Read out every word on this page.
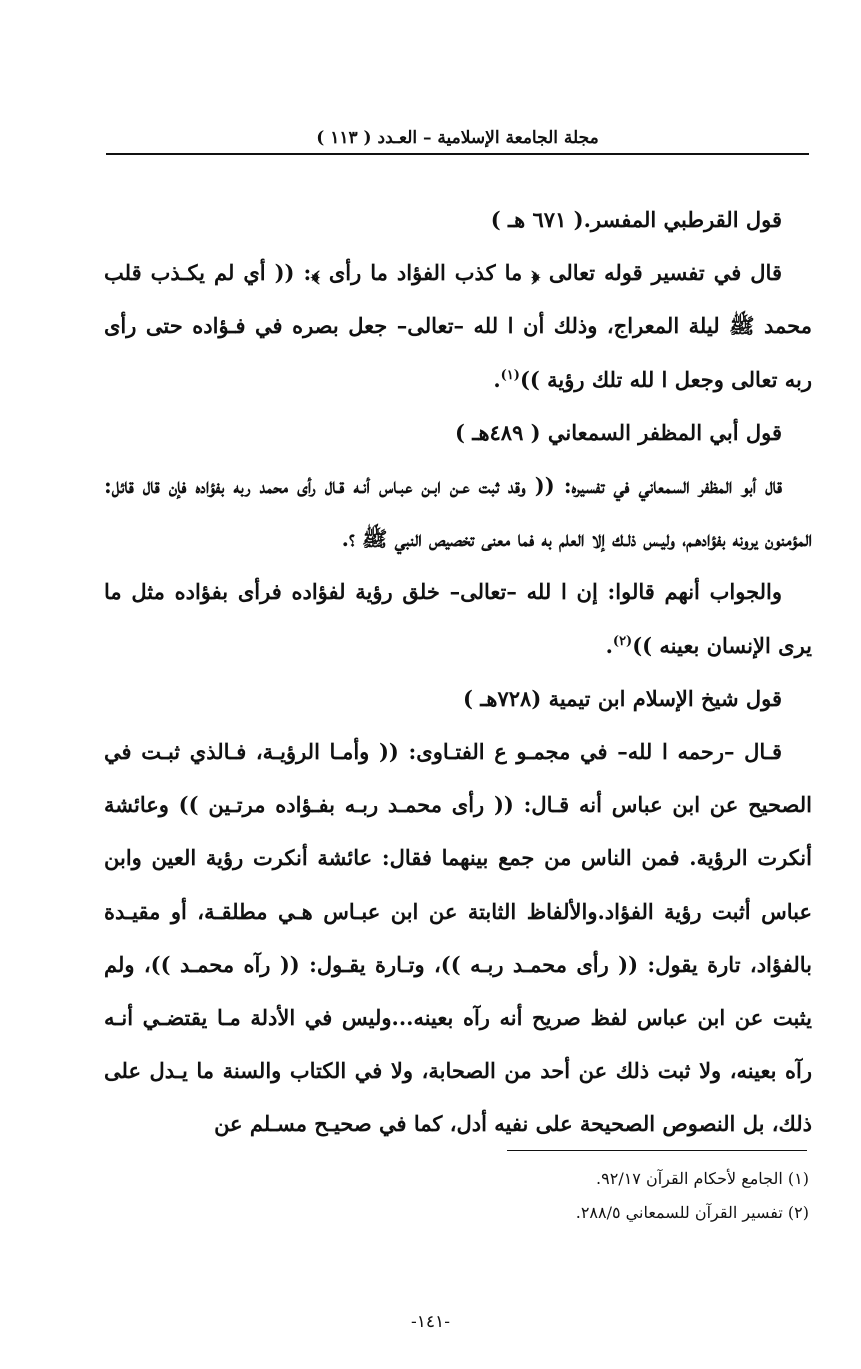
مجلة الجامعة الإسلامية – العـدد ( ١١٣ )

قول القرطبي المفسر.( ٦٧١ هـ )

قال في تفسير قوله تعالى ﴿ ما كذب الفؤاد ما رأى ﴾: (( أي لم يكـذب قلب محمد ﷺ ليلة المعراج، وذلك أن ا لله –تعالى– جعل بصره في فـؤاده حتى رأى ربه تعالى وجعل ا لله تلك رؤية ))$^{(١)}$.

قول أبي المظفر السمعاني ( ٤٨٩هـ )

قال أبو المظفر السمعاني في تفسيره: (( وقد ثبت عـن ابـن عبـاس أنـه قـال رأى محمد ربه بفؤاده فإن قال قائل: المؤمنون يرونه بفؤادهـم، وليـس ذلـك إلا العلم به فما معنى تخصيص النبي ﷺ ؟.

والجواب أنهم قالوا: إن ا لله –تعالى– خلق رؤية لفؤاده فرأى بفؤاده مثل ما يرى الإنسان بعينه ))$^{(٢)}$.

قول شيخ الإسلام ابن تيمية (٧٢٨هـ )

قـال –رحمه ا لله– في مجمـو ع الفتـاوى: (( وأمـا الرؤيـة، فـالذي ثبـت في الصحيح عن ابن عباس أنه قـال: (( رأى محمـد ربـه بفـؤاده مرتـين )) وعائشة أنكرت الرؤية. فمن الناس من جمع بينهما فقال: عائشة أنكرت رؤية العين وابن عباس أثبت رؤية الفؤاد.والألفاظ الثابتة عن ابن عبـاس هـي مطلقـة، أو مقيـدة بالفؤاد، تارة يقول: (( رأى محمـد ربـه ))، وتـارة يقـول: (( رآه محمـد ))، ولم يثبت عن ابن عباس لفظ صريح أنه رآه بعينه...وليس في الأدلة مـا يقتضـي أنـه رآه بعينه، ولا ثبت ذلك عن أحد من الصحابة، ولا في الكتاب والسنة ما يـدل على ذلك، بل النصوص الصحيحة على نفيه أدل، كما في صحيـح مسـلم عن

(١) الجامع لأحكام القرآن ٩٢/١٧.

(٢) تفسير القرآن للسمعاني ٢٨٨/٥.

-١٤١-
